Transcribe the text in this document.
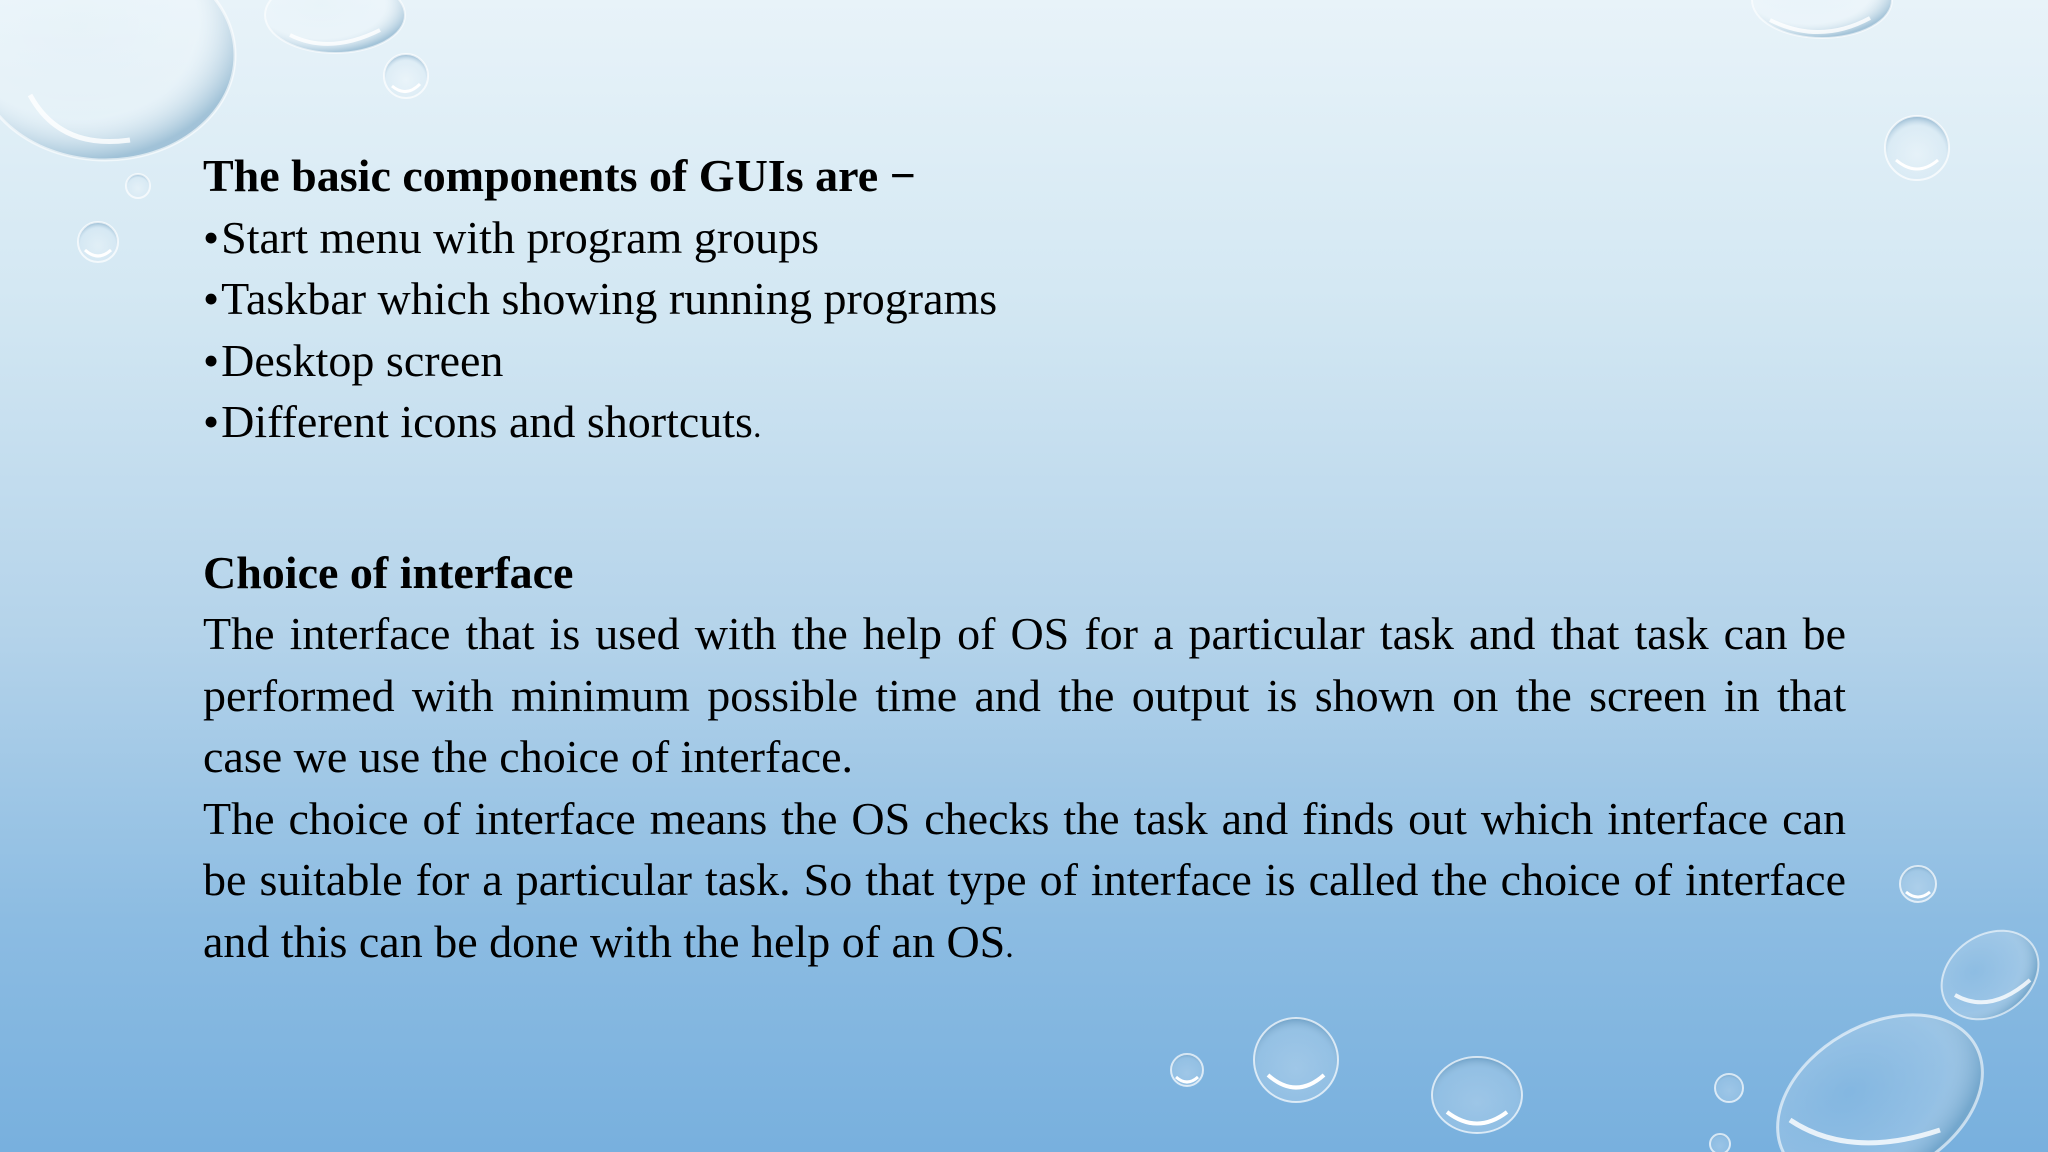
The basic components of GUIs are −

•Start menu with program groups

•Taskbar which showing running programs

•Desktop screen

•Different icons and shortcuts.

Choice of interface

The interface that is used with the help of OS for a particular task and that task can be performed with minimum possible time and the output is shown on the screen in that case we use the choice of interface.

The choice of interface means the OS checks the task and finds out which interface can be suitable for a particular task. So that type of interface is called the choice of interface and this can be done with the help of an OS.
